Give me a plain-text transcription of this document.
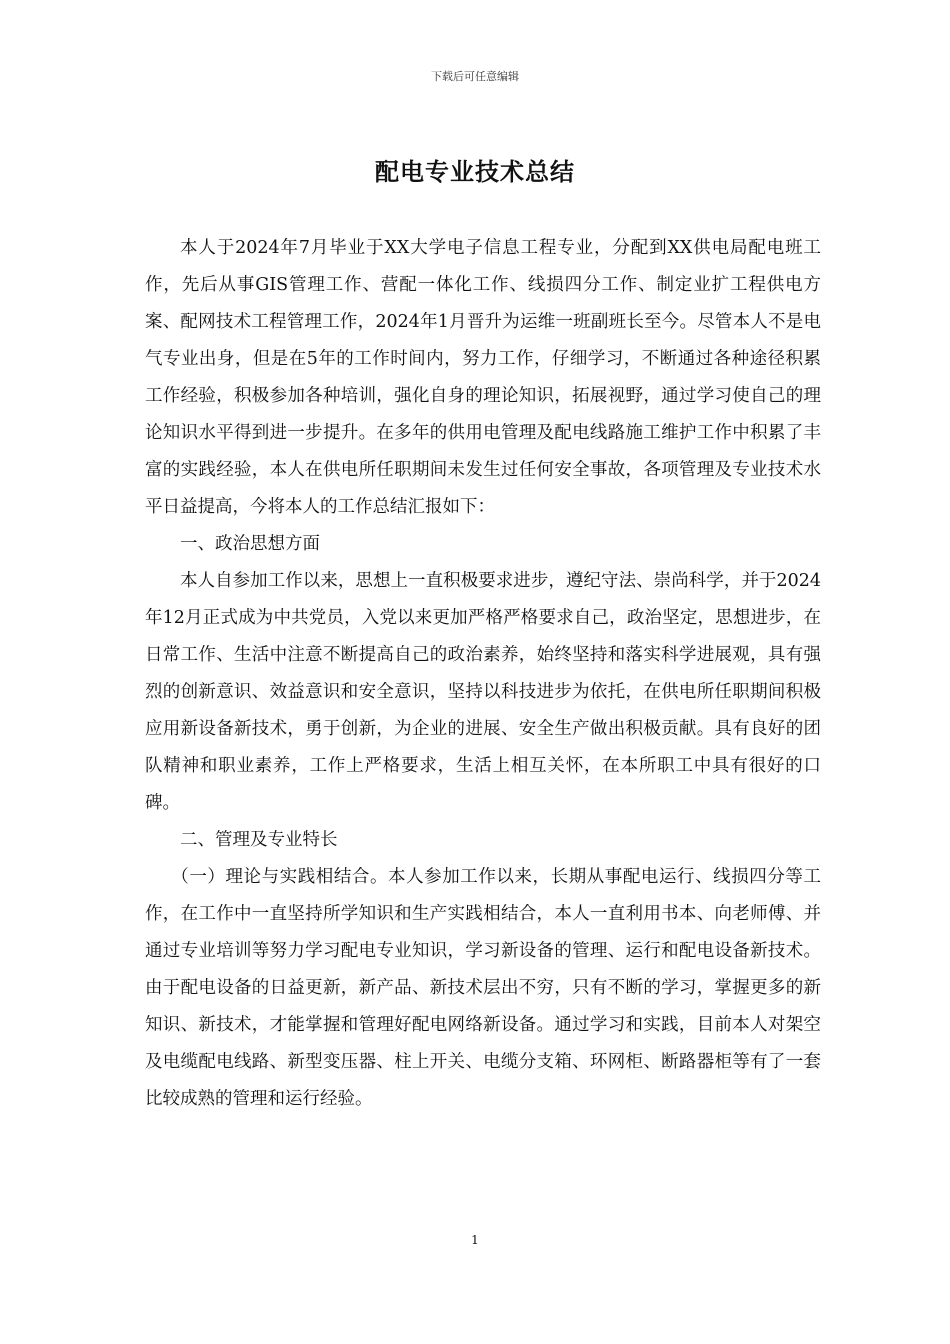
下载后可任意编辑
配电专业技术总结

本人于2024年7月毕业于XX大学电子信息工程专业，分配到XX供电局配电班工作，先后从事GIS管理工作、营配一体化工作、线损四分工作、制定业扩工程供电方案、配网技术工程管理工作，2024年1月晋升为运维一班副班长至今。尽管本人不是电气专业出身，但是在5年的工作时间内，努力工作，仔细学习，不断通过各种途径积累工作经验，积极参加各种培训，强化自身的理论知识，拓展视野，通过学习使自己的理论知识水平得到进一步提升。在多年的供用电管理及配电线路施工维护工作中积累了丰富的实践经验，本人在供电所任职期间未发生过任何安全事故，各项管理及专业技术水平日益提高，今将本人的工作总结汇报如下：

一、政治思想方面

本人自参加工作以来，思想上一直积极要求进步，遵纪守法、崇尚科学，并于2024年12月正式成为中共党员，入党以来更加严格严格要求自己，政治坚定，思想进步，在日常工作、生活中注意不断提高自己的政治素养，始终坚持和落实科学进展观，具有强烈的创新意识、效益意识和安全意识，坚持以科技进步为依托，在供电所任职期间积极应用新设备新技术，勇于创新，为企业的进展、安全生产做出积极贡献。具有良好的团队精神和职业素养，工作上严格要求，生活上相互关怀，在本所职工中具有很好的口碑。

二、管理及专业特长

（一）理论与实践相结合。本人参加工作以来，长期从事配电运行、线损四分等工作，在工作中一直坚持所学知识和生产实践相结合，本人一直利用书本、向老师傅、并通过专业培训等努力学习配电专业知识，学习新设备的管理、运行和配电设备新技术。由于配电设备的日益更新，新产品、新技术层出不穷，只有不断的学习，掌握更多的新知识、新技术，才能掌握和管理好配电网络新设备。通过学习和实践，目前本人对架空及电缆配电线路、新型变压器、柱上开关、电缆分支箱、环网柜、断路器柜等有了一套比较成熟的管理和运行经验。

1
